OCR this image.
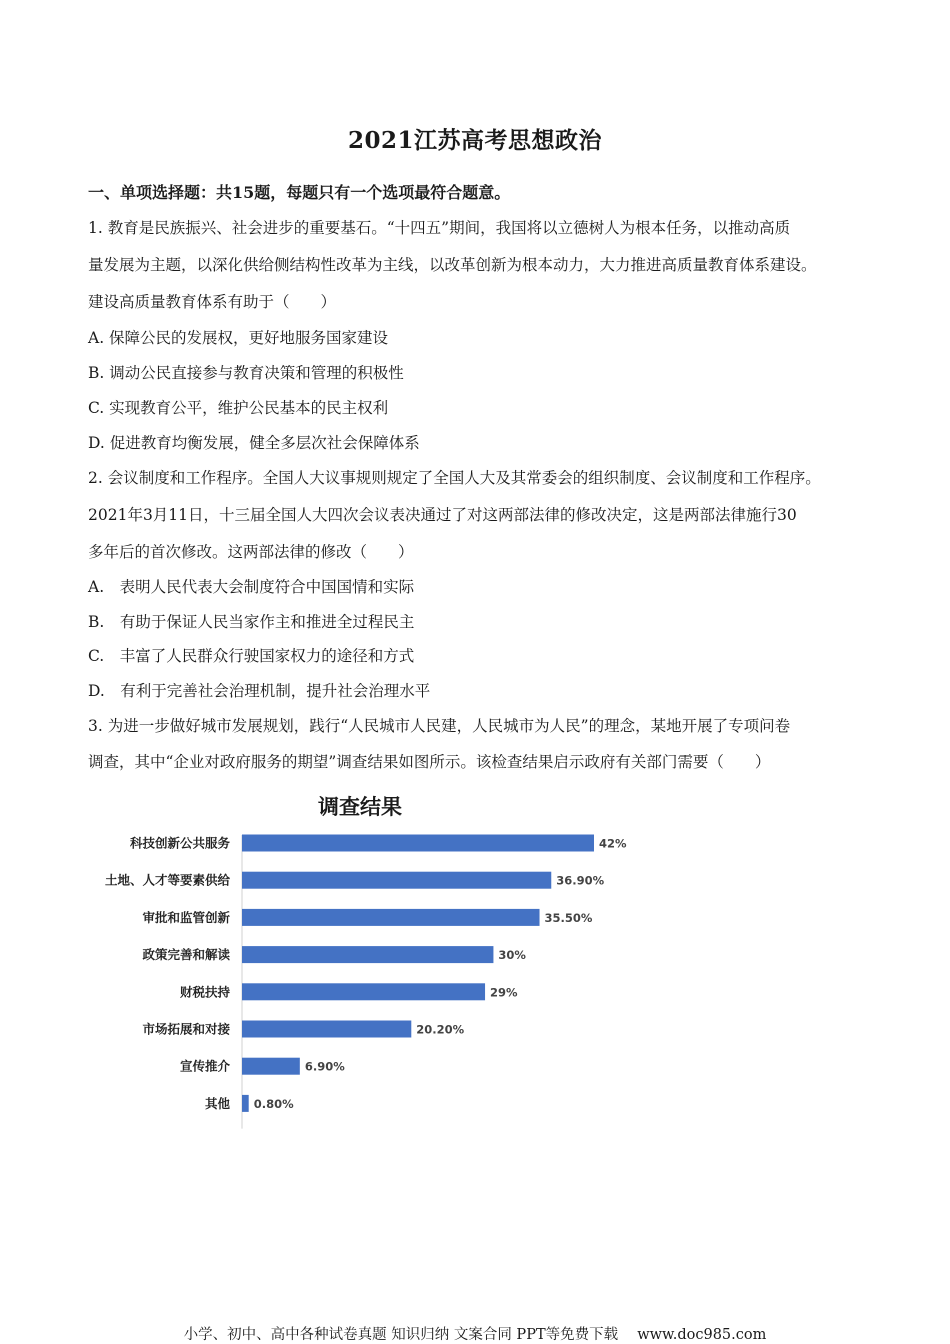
2021江苏高考思想政治
一、单项选择题：共15题，每题只有一个选项最符合题意。
1. 教育是民族振兴、社会进步的重要基石。“十四五”期间，我国将以立德树人为根本任务，以推动高质
量发展为主题，以深化供给侧结构性改革为主线，以改革创新为根本动力，大力推进高质量教育体系建设。
建设高质量教育体系有助于（　　）
A. 保障公民的发展权，更好地服务国家建设
B. 调动公民直接参与教育决策和管理的积极性
C. 实现教育公平，维护公民基本的民主权利
D. 促进教育均衡发展，健全多层次社会保障体系
2. 会议制度和工作程序。全国人大议事规则规定了全国人大及其常委会的组织制度、会议制度和工作程序。
2021年3月11日，十三届全国人大四次会议表决通过了对这两部法律的修改决定，这是两部法律施行30
多年后的首次修改。这两部法律的修改（　　）
A.　表明人民代表大会制度符合中国国情和实际
B.　有助于保证人民当家作主和推进全过程民主
C.　丰富了人民群众行驶国家权力的途径和方式
D.　有利于完善社会治理机制，提升社会治理水平
3. 为进一步做好城市发展规划，践行“人民城市人民建，人民城市为人民”的理念，某地开展了专项问卷
调查，其中“企业对政府服务的期望”调查结果如图所示。该检查结果启示政府有关部门需要（　　）
调查结果
科技创新公共服务	42%
土地、人才等要素供给	36.90%
审批和监管创新	35.50%
政策完善和解读	30%
财税扶持	29%
市场拓展和对接	20.20%
宣传推介	6.90%
其他 0.80%
小学、初中、高中各种试卷真题 知识归纳 文案合同 PPT等免费下载　 www.doc985.com
